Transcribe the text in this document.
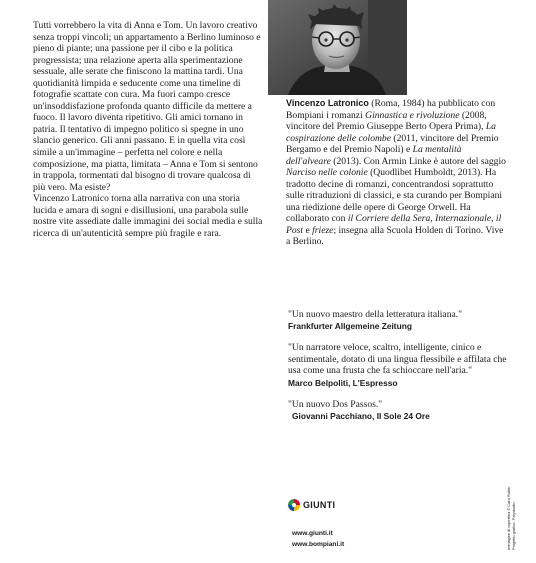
Tutti vorrebbero la vita di Anna e Tom. Un lavoro creativo senza troppi vincoli; un appartamento a Berlino luminoso e pieno di piante; una passione per il cibo e la politica progressista; una relazione aperta alla sperimentazione sessuale, alle serate che finiscono la mattina tardi. Una quotidianità limpida e seducente come una timeline di fotografie scattate con cura. Ma fuori campo cresce un'insoddisfazione profonda quanto difficile da mettere a fuoco. Il lavoro diventa ripetitivo. Gli amici tornano in patria. Il tentativo di impegno politico si spegne in uno slancio generico. Gli anni passano. E in quella vita così simile a un'immagine – perfetta nel colore e nella composizione, ma piatta, limitata – Anna e Tom si sentono in trappola, tormentati dal bisogno di trovare qualcosa di più vero. Ma esiste?

Vincenzo Latronico torna alla narrativa con una storia lucida e amara di sogni e disillusioni, una parabola sulle nostre vite assediate dalle immagini dei social media e sulla ricerca di un'autenticità sempre più fragile e rara.

Vincenzo Latronico (Roma, 1984) ha pubblicato con Bompiani i romanzi Ginnastica e rivoluzione (2008, vincitore del Premio Giuseppe Berto Opera Prima), La cospirazione delle colombe (2011, vincitore del Premio Bergamo e del Premio Napoli) e La mentalità dell'alveare (2013). Con Armin Linke è autore del saggio Narciso nelle colonie (Quodlibet Humboldt, 2013). Ha tradotto decine di romanzi, concentrandosi soprattutto sulle ritraduzioni di classici, e sta curando per Bompiani una riedizione delle opere di George Orwell. Ha collaborato con il Corriere della Sera, Internazionale, il Post e frieze; insegna alla Scuola Holden di Torino. Vive a Berlino.

"Un nuovo maestro della letteratura italiana."

Frankfurter Allgemeine Zeitung

"Un narratore veloce, scaltro, intelligente, cinico e sentimentale, dotato di una lingua flessibile e affilata che usa come una frusta che fa schioccare nell'aria."

Marco Belpoliti, L'Espresso

"Un nuovo Dos Passos."

Giovanni Pacchiano, Il Sole 24 Ore

GIUNTI
www.giunti.it
www.bompiani.it	Immagine di copertina © Cara Rubin. Progetto grafico: Polystudio.
